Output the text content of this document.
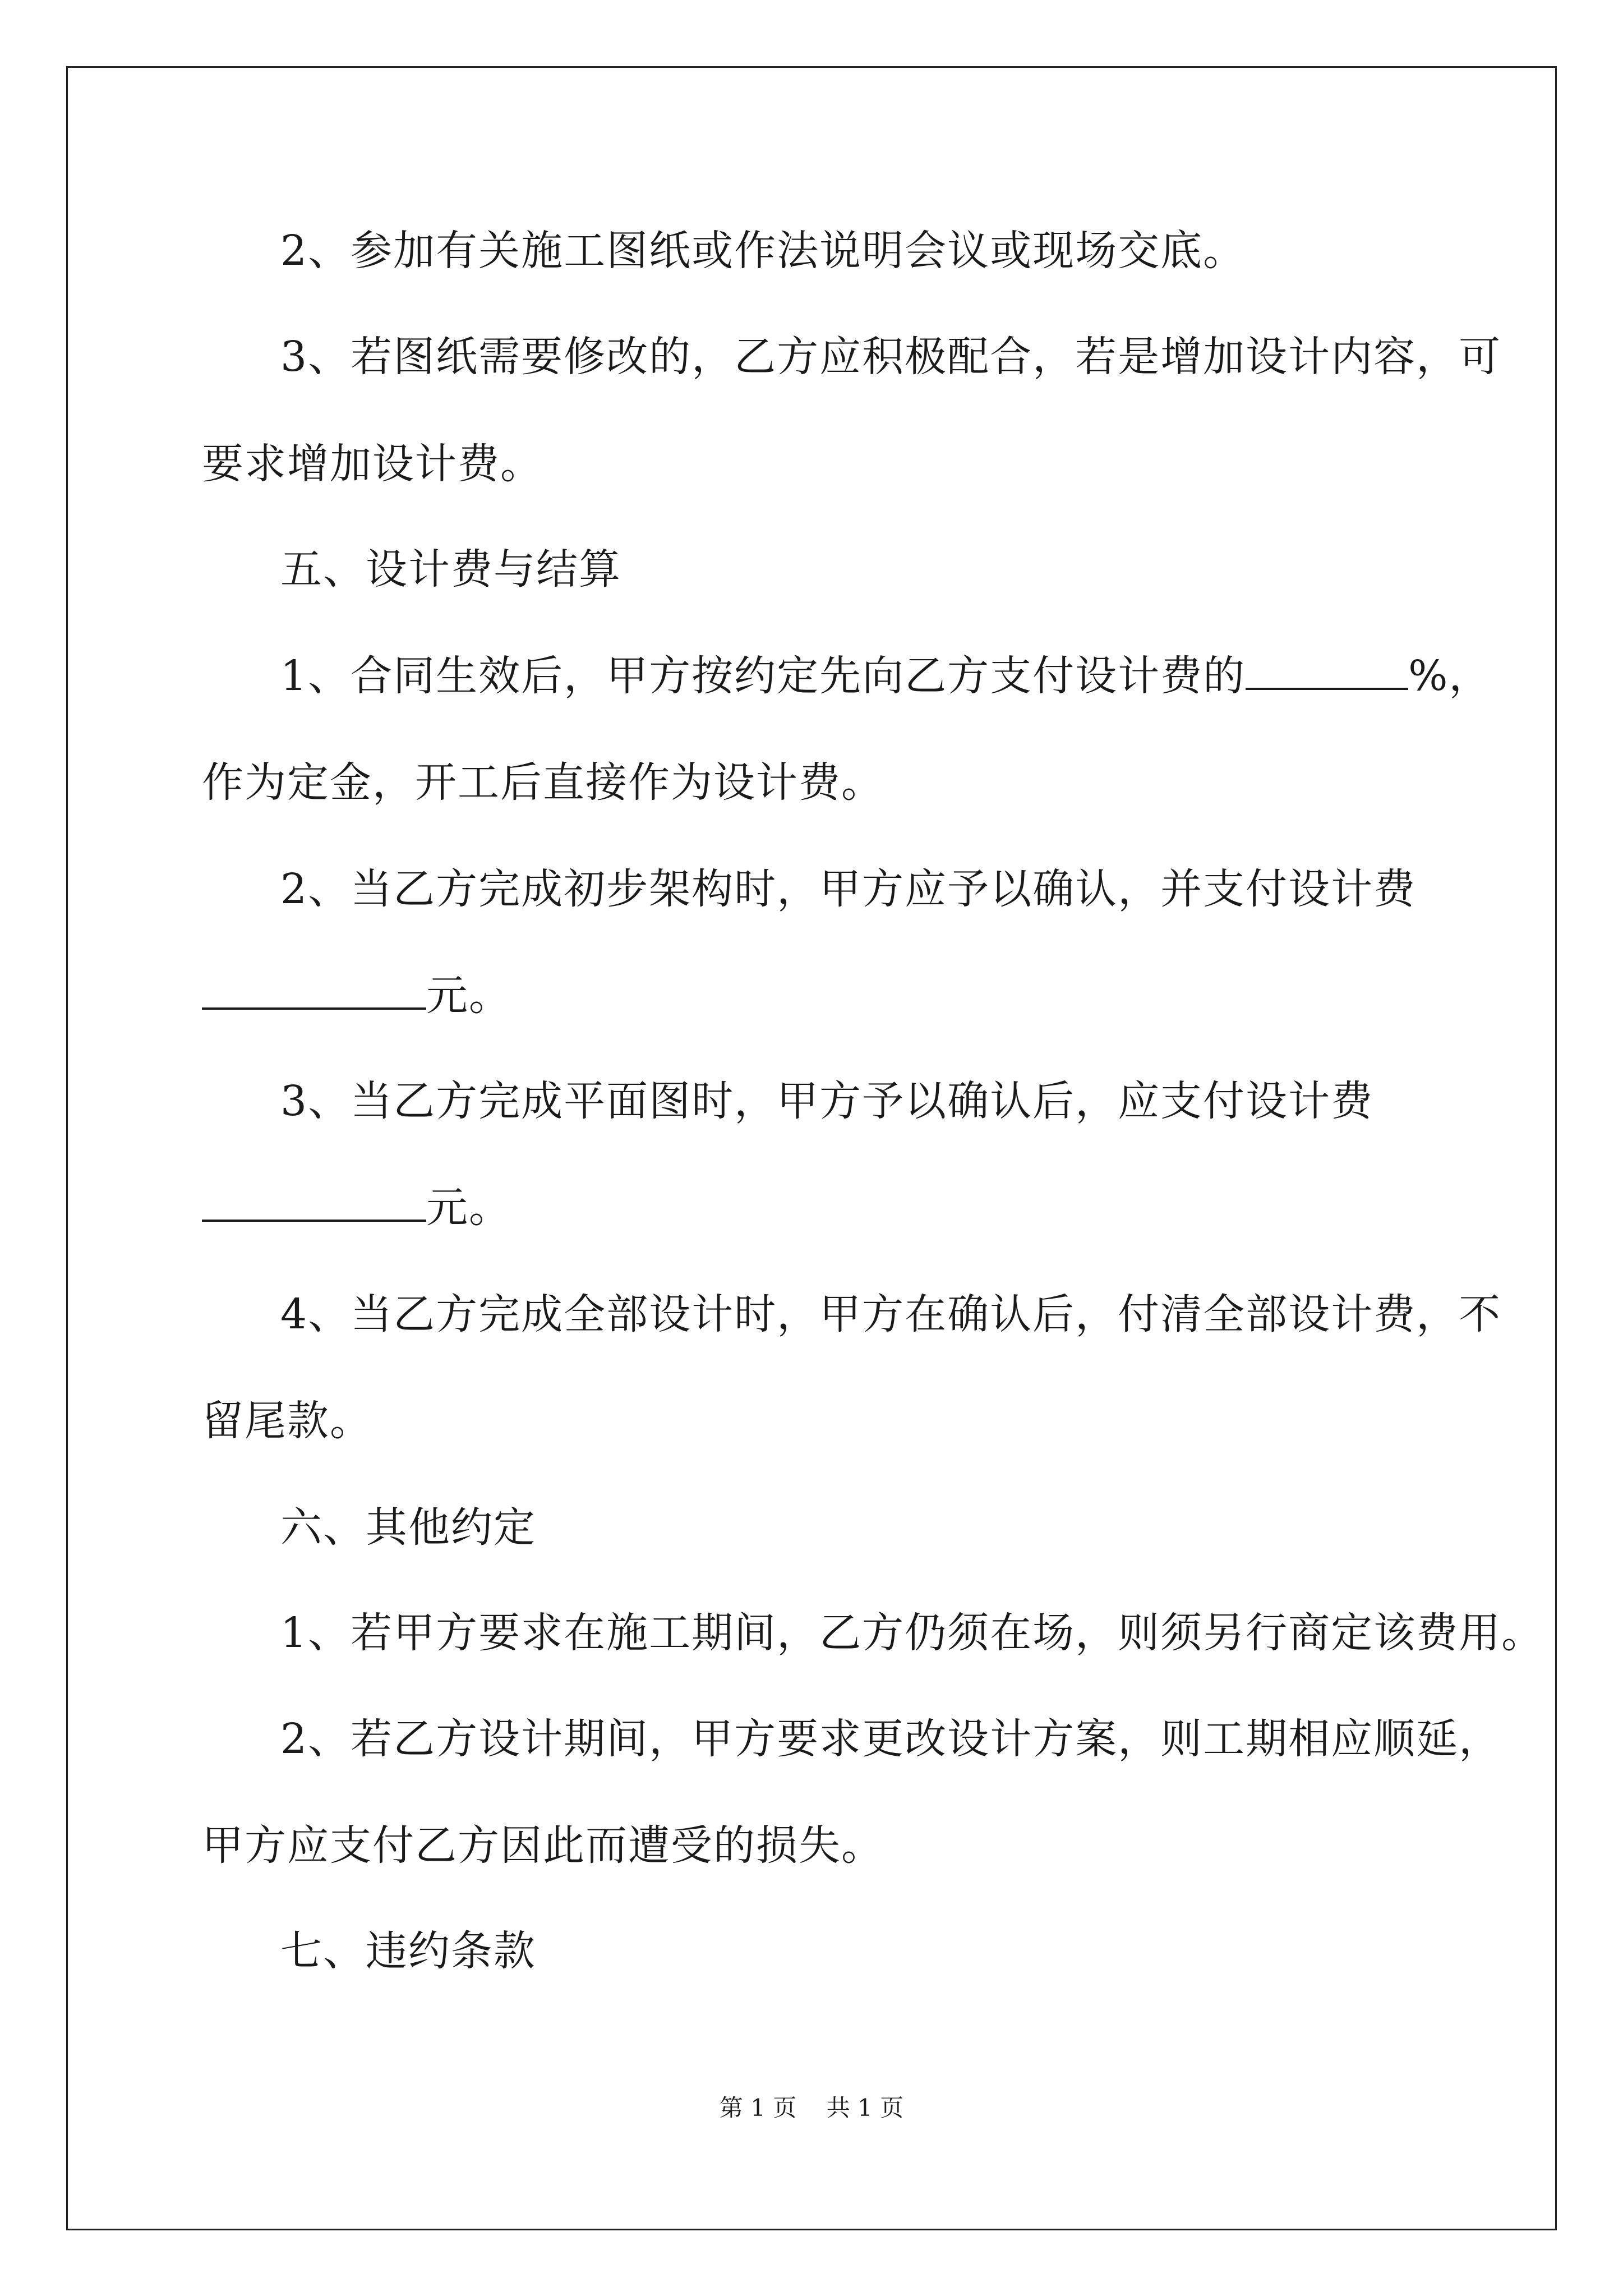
2、参加有关施工图纸或作法说明会议或现场交底。
3、若图纸需要修改的，乙方应积极配合，若是增加设计内容，可
要求增加设计费。
五、设计费与结算
1、合同生效后，甲方按约定先向乙方支付设计费的	%，
作为定金，开工后直接作为设计费。
2、当乙方完成初步架构时，甲方应予以确认，并支付设计费
元。
3、当乙方完成平面图时，甲方予以确认后，应支付设计费
元。
4、当乙方完成全部设计时，甲方在确认后，付清全部设计费，不
留尾款。
六、其他约定
1、若甲方要求在施工期间，乙方仍须在场，则须另行商定该费用。
2、若乙方设计期间，甲方要求更改设计方案，则工期相应顺延，
甲方应支付乙方因此而遭受的损失。
七、违约条款
第 1 页    共 1 页
